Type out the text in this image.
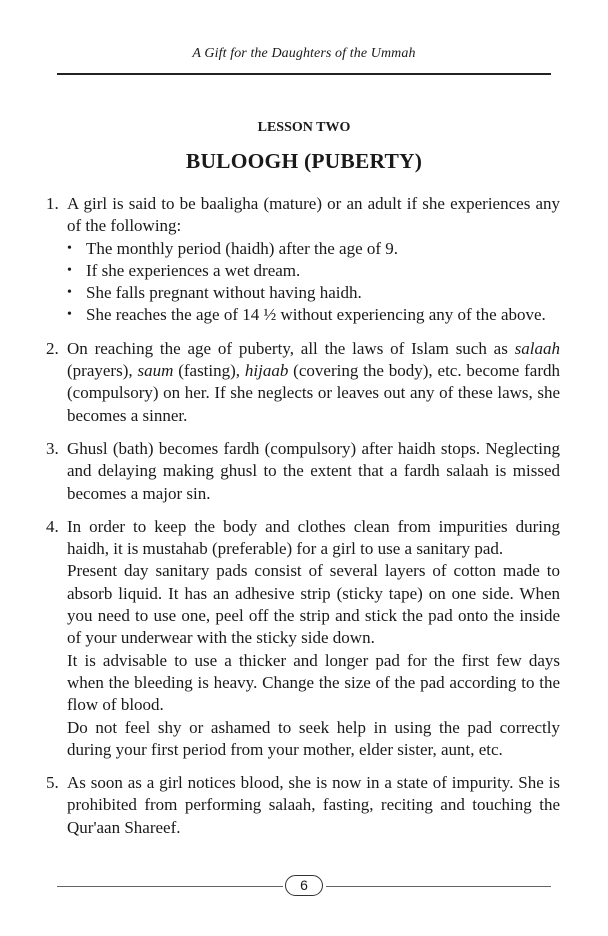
A Gift for the Daughters of the Ummah
LESSON TWO
BULOOGH (PUBERTY)
1. A girl is said to be baaligha (mature) or an adult if she experiences any of the following:

• The monthly period (haidh) after the age of 9.
• If she experiences a wet dream.
• She falls pregnant without having haidh.
• She reaches the age of 14 ½ without experiencing any of the above.
2. On reaching the age of puberty, all the laws of Islam such as salaah (prayers), saum (fasting), hijaab (covering the body), etc. become fardh (compulsory) on her. If she neglects or leaves out any of these laws, she becomes a sinner.

3. Ghusl (bath) becomes fardh (compulsory) after haidh stops. Neglecting and delaying making ghusl to the extent that a fardh salaah is missed becomes a major sin.

4. In order to keep the body and clothes clean from impurities during haidh, it is mustahab (preferable) for a girl to use a sanitary pad.

Present day sanitary pads consist of several layers of cotton made to absorb liquid. It has an adhesive strip (sticky tape) on one side. When you need to use one, peel off the strip and stick the pad onto the inside of your underwear with the sticky side down.

It is advisable to use a thicker and longer pad for the first few days when the bleeding is heavy. Change the size of the pad according to the flow of blood.

Do not feel shy or ashamed to seek help in using the pad correctly during your first period from your mother, elder sister, aunt, etc.

5. As soon as a girl notices blood, she is now in a state of impurity. She is prohibited from performing salaah, fasting, reciting and touching the Qur'aan Shareef.

6
